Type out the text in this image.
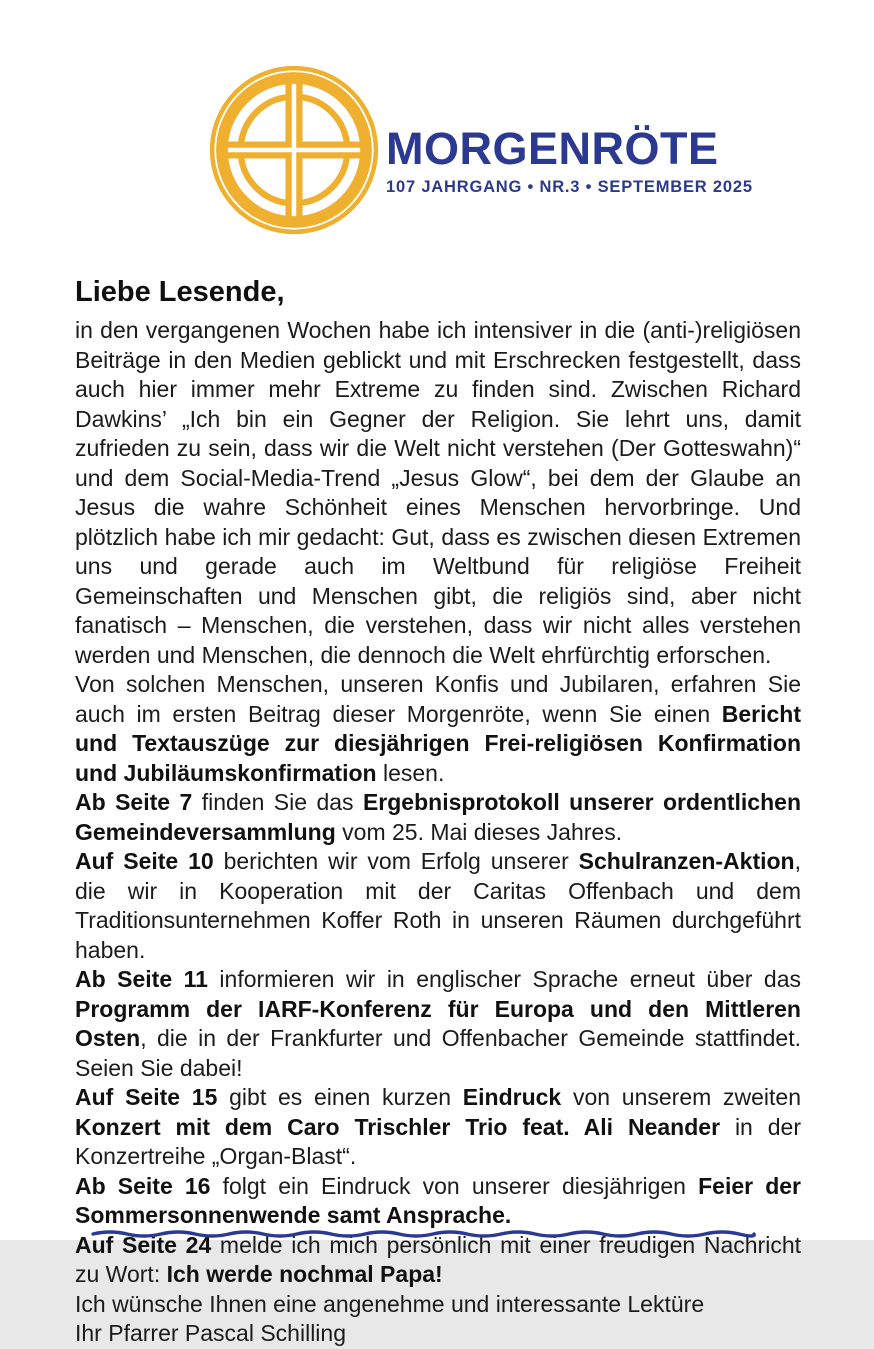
MORGENRÖTE
107 JAHRGANG • NR.3 • SEPTEMBER 2025
Liebe Lesende,

in den vergangenen Wochen habe ich intensiver in die (anti-)religiösen Beiträge in den Medien geblickt und mit Erschrecken festgestellt, dass auch hier immer mehr Extreme zu finden sind. Zwischen Richard Dawkins’ „Ich bin ein Gegner der Religion. Sie lehrt uns, damit zufrieden zu sein, dass wir die Welt nicht verstehen (Der Gotteswahn)“ und dem Social-Media-Trend „Jesus Glow“, bei dem der Glaube an Jesus die wahre Schönheit eines Menschen hervorbringe. Und plötzlich habe ich mir gedacht: Gut, dass es zwischen diesen Extremen uns und gerade auch im Weltbund für religiöse Freiheit Gemeinschaften und Menschen gibt, die religiös sind, aber nicht fanatisch – Menschen, die verstehen, dass wir nicht alles verstehen werden und Menschen, die dennoch die Welt ehrfürchtig erforschen.

Von solchen Menschen, unseren Konfis und Jubilaren, erfahren Sie auch im ersten Beitrag dieser Morgenröte, wenn Sie einen Bericht und Textauszüge zur diesjährigen Frei-religiösen Konfirmation und Jubiläumskonfirmation lesen.

Ab Seite 7 finden Sie das Ergebnisprotokoll unserer ordentlichen Gemeindeversammlung vom 25. Mai dieses Jahres.

Auf Seite 10 berichten wir vom Erfolg unserer Schulranzen-Aktion, die wir in Kooperation mit der Caritas Offenbach und dem Traditionsunternehmen Koffer Roth in unseren Räumen durchgeführt haben.

Ab Seite 11 informieren wir in englischer Sprache erneut über das Programm der IARF-Konferenz für Europa und den Mittleren Osten, die in der Frankfurter und Offenbacher Gemeinde stattfindet. Seien Sie dabei!

Auf Seite 15 gibt es einen kurzen Eindruck von unserem zweiten Konzert mit dem Caro Trischler Trio feat. Ali Neander in der Konzertreihe „Organ-Blast“.

Ab Seite 16 folgt ein Eindruck von unserer diesjährigen Feier der Sommersonnenwende samt Ansprache.

Auf Seite 24 melde ich mich persönlich mit einer freudigen Nachricht zu Wort: Ich werde nochmal Papa!

Ich wünsche Ihnen eine angenehme und interessante Lektüre

Ihr Pfarrer Pascal Schilling
